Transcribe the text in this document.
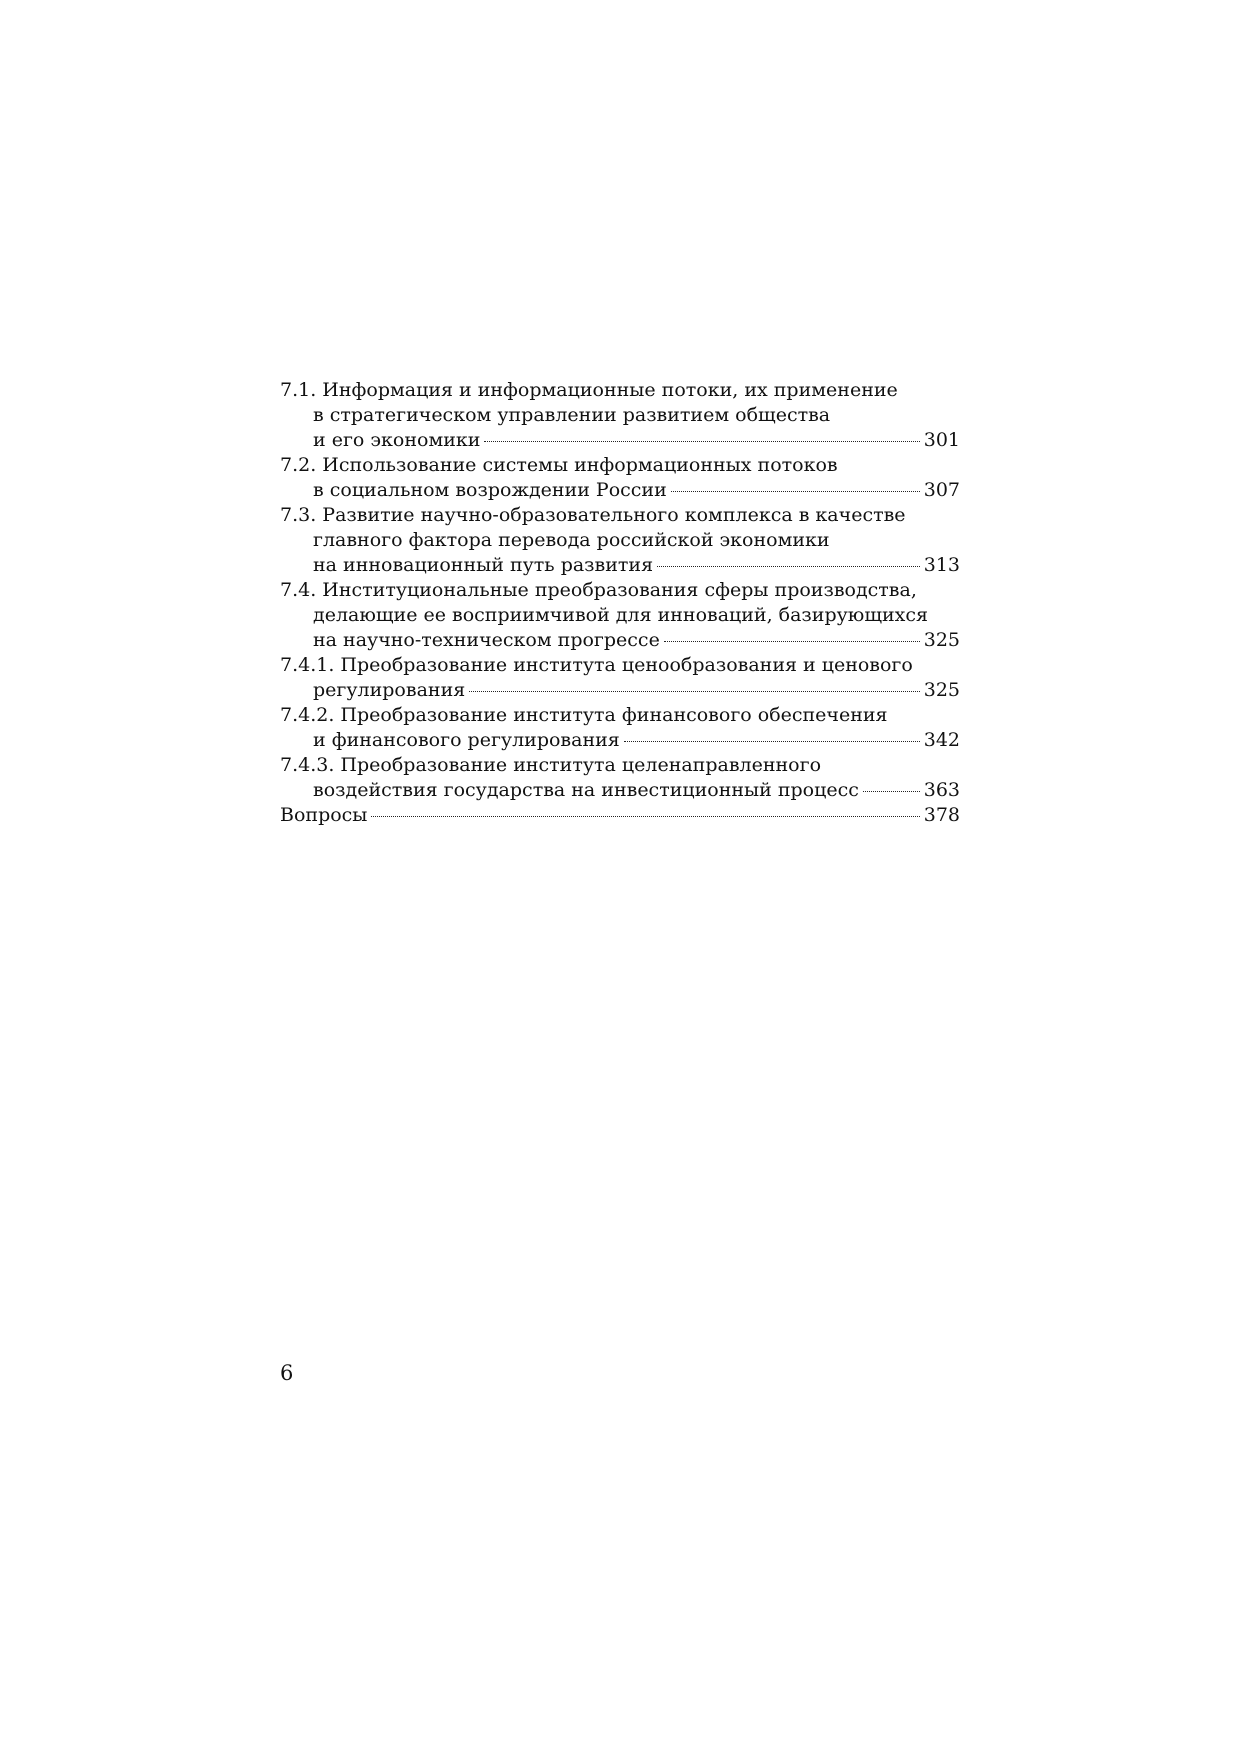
7.1. Информация и информационные потоки, их применение
в стратегическом управлении развитием общества
и его экономики	301
7.2. Использование системы информационных потоков
в социальном возрождении России	307
7.3. Развитие научно-образовательного комплекса в качестве
главного фактора перевода российской экономики
на инновационный путь развития	313
7.4. Институциональные преобразования сферы производства,
делающие ее восприимчивой для инноваций, базирующихся
на научно-техническом прогрессе	325
7.4.1. Преобразование института ценообразования и ценового
регулирования	325
7.4.2. Преобразование института финансового обеспечения
и финансового регулирования	342
7.4.3. Преобразование института целенаправленного
воздействия государства на инвестиционный процесс	363
Вопросы	378
6
